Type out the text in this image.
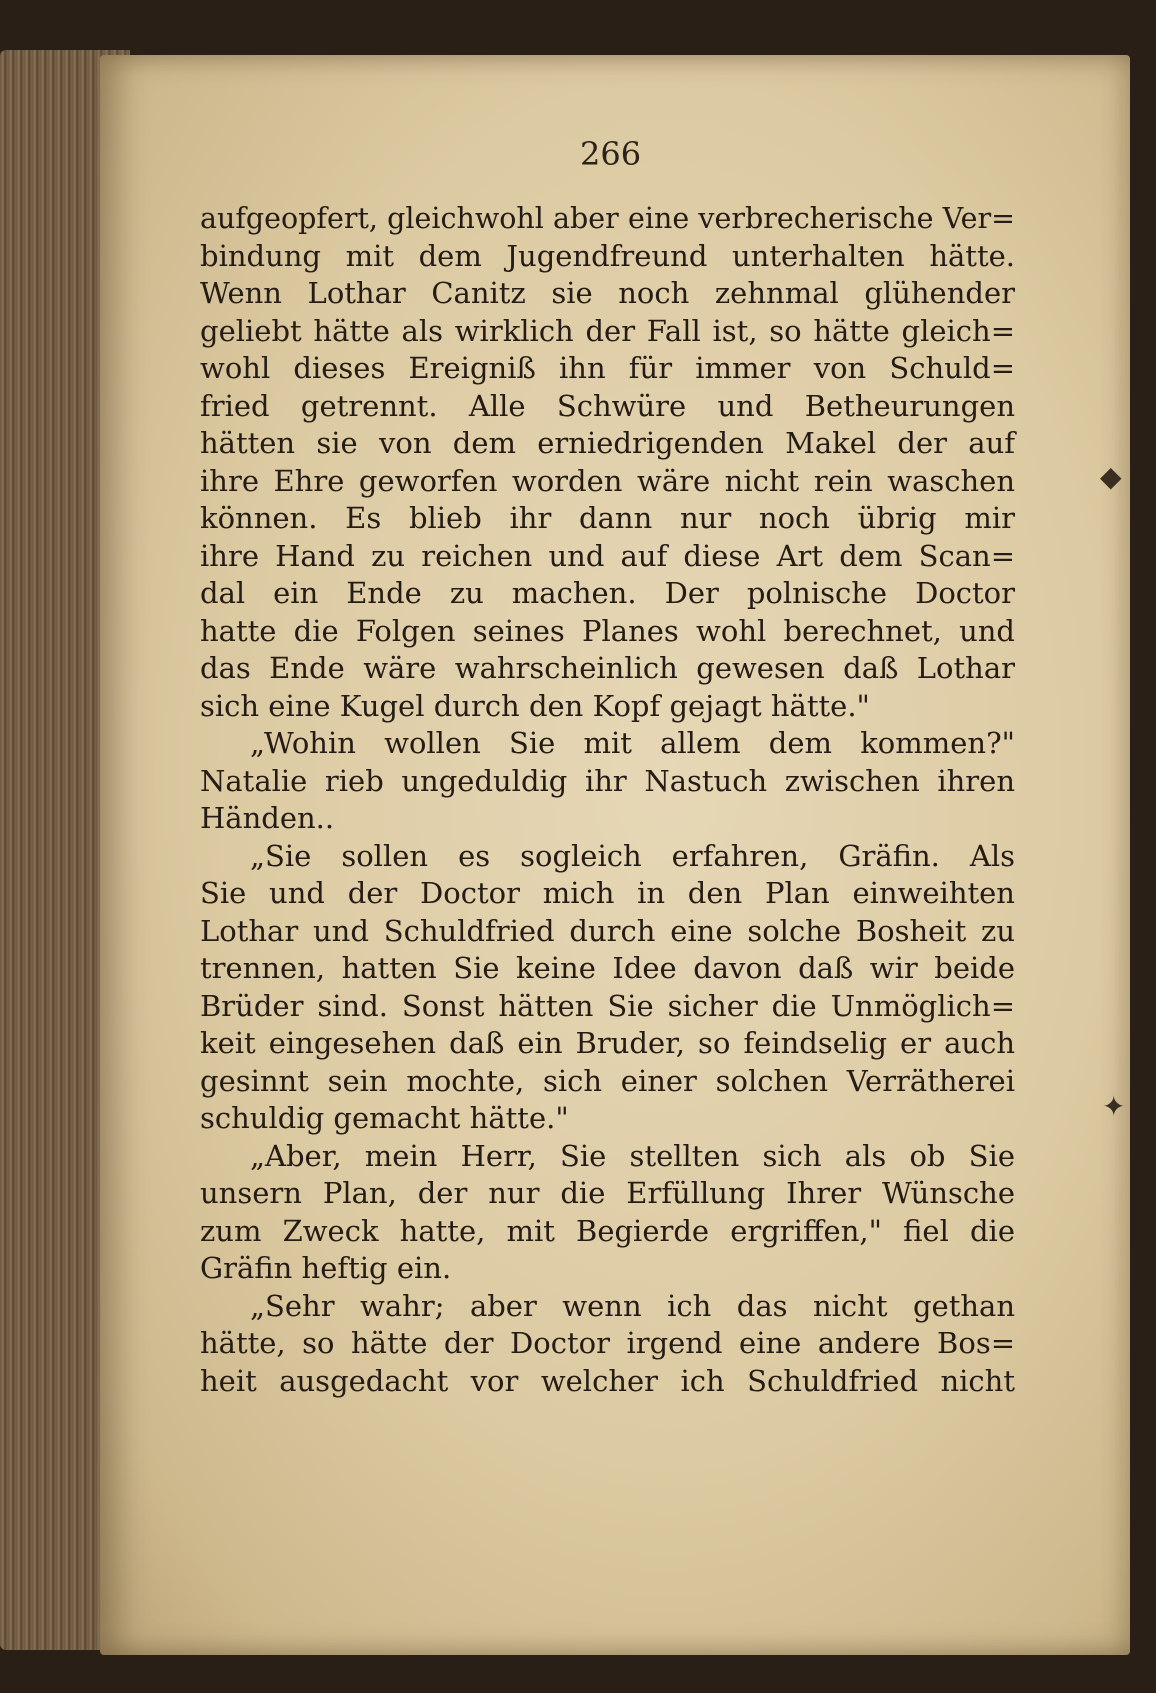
266
aufgeopfert, gleichwohl aber eine verbrecherische Ver=
bindung mit dem Jugendfreund unterhalten hätte.
Wenn Lothar Canitz sie noch zehnmal glühender
geliebt hätte als wirklich der Fall ist, so hätte gleich=
wohl dieses Ereigniß ihn für immer von Schuld=
fried getrennt. Alle Schwüre und Betheurungen
hätten sie von dem erniedrigenden Makel der auf
ihre Ehre geworfen worden wäre nicht rein waschen
können. Es blieb ihr dann nur noch übrig mir
ihre Hand zu reichen und auf diese Art dem Scan=
dal ein Ende zu machen. Der polnische Doctor
hatte die Folgen seines Planes wohl berechnet, und
das Ende wäre wahrscheinlich gewesen daß Lothar
sich eine Kugel durch den Kopf gejagt hätte."
„Wohin wollen Sie mit allem dem kommen?"
Natalie rieb ungeduldig ihr Nastuch zwischen ihren
Händen..
„Sie sollen es sogleich erfahren, Gräfin. Als
Sie und der Doctor mich in den Plan einweihten
Lothar und Schuldfried durch eine solche Bosheit zu
trennen, hatten Sie keine Idee davon daß wir beide
Brüder sind. Sonst hätten Sie sicher die Unmöglich=
keit eingesehen daß ein Bruder, so feindselig er auch
gesinnt sein mochte, sich einer solchen Verrätherei
schuldig gemacht hätte."
„Aber, mein Herr, Sie stellten sich als ob Sie
unsern Plan, der nur die Erfüllung Ihrer Wünsche
zum Zweck hatte, mit Begierde ergriffen," fiel die
Gräfin heftig ein.
„Sehr wahr; aber wenn ich das nicht gethan
hätte, so hätte der Doctor irgend eine andere Bos=
heit ausgedacht vor welcher ich Schuldfried nicht
◆
✦
